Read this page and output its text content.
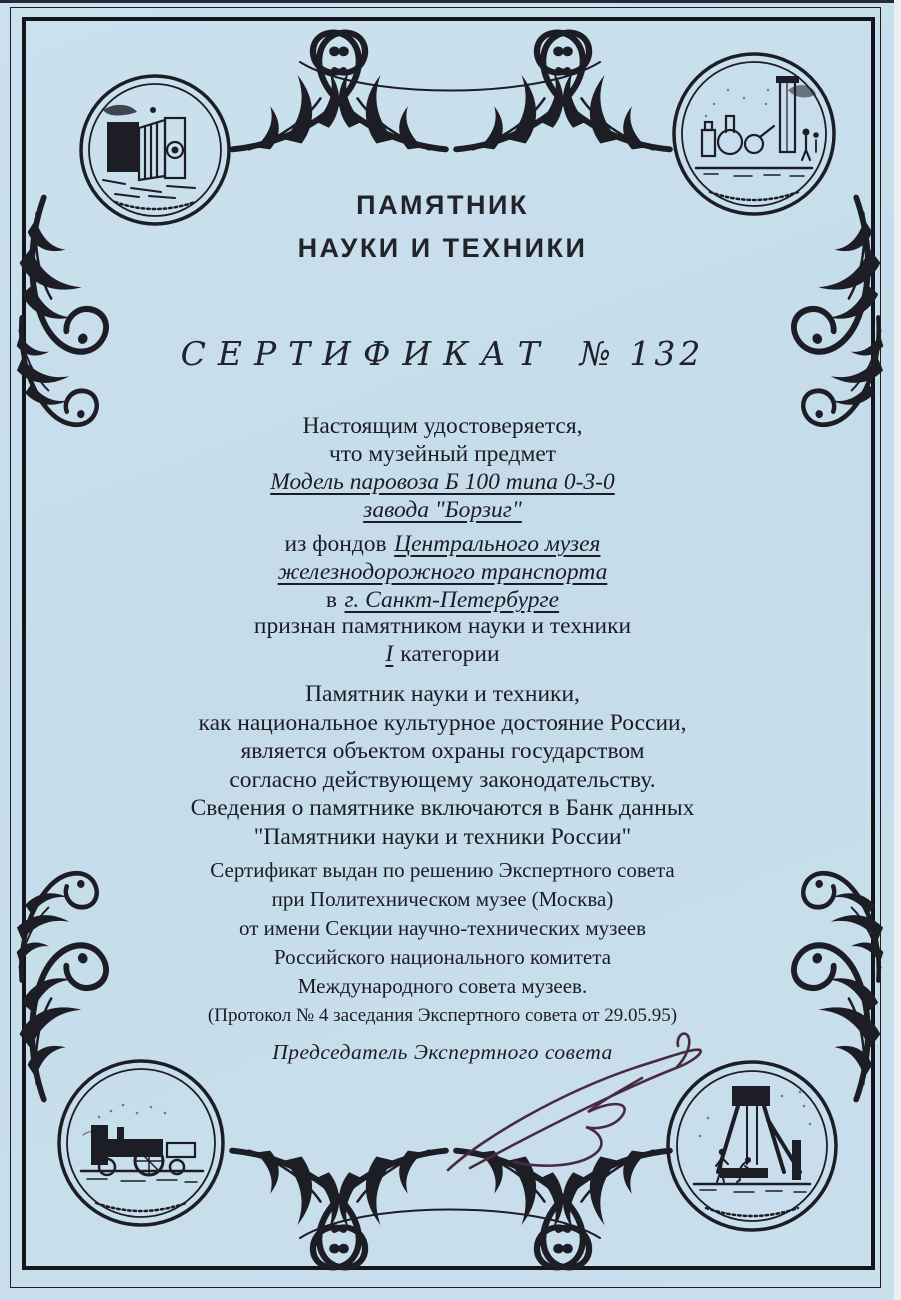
ПАМЯТНИК
НАУКИ И ТЕХНИКИ
СЕРТИФИКАТ № 132
Настоящим удостоверяется,
что музейный предмет
Модель паровоза Б 100 типа 0-3-0
завода "Борзиг"
из фондов Центрального музея
железнодорожного транспорта
в г. Санкт-Петербурге
признан памятником науки и техники
I категории
Памятник науки и техники,
как национальное культурное достояние России,
является объектом охраны государством
согласно действующему законодательству.
Сведения о памятнике включаются в Банк данных
"Памятники науки и техники России"
Сертификат выдан по решению Экспертного совета
при Политехническом музее (Москва)
от имени Секции научно-технических музеев
Российского национального комитета
Международного совета музеев.
(Протокол № 4 заседания Экспертного совета от 29.05.95)
Председатель Экспертного совета
